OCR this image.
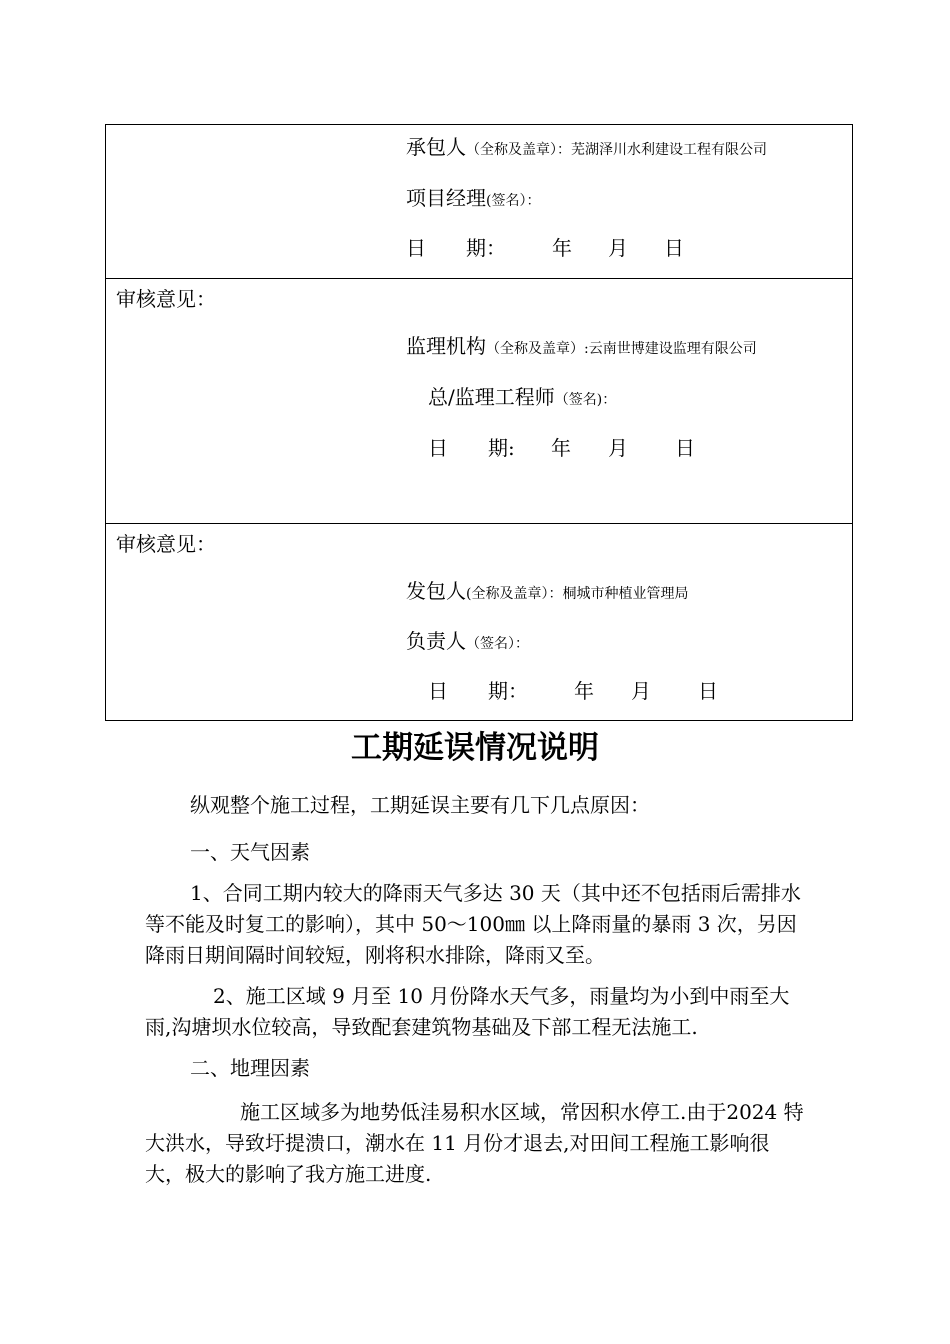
承包人（全称及盖章）：芜湖泽川水利建设工程有限公司
项目经理(签名）：
日　　期： 年 月 日
审核意见：
监理机构（全称及盖章）:云南世博建设监理有限公司
总/监理工程师（签名)：
日　　期: 年 月 日
审核意见：
发包人(全称及盖章）：桐城市种植业管理局
负责人（签名）：
日　　期： 年 月 日
工期延误情况说明

纵观整个施工过程，工期延误主要有几下几点原因：

一、天气因素

1、合同工期内较大的降雨天气多达 30 天（其中还不包括雨后需排水等不能及时复工的影响），其中 50～100㎜ 以上降雨量的暴雨 3 次，另因降雨日期间隔时间较短，刚将积水排除，降雨又至。

2、施工区域 9 月至 10 月份降水天气多，雨量均为小到中雨至大雨,沟塘坝水位较高，导致配套建筑物基础及下部工程无法施工.

二、地理因素

施工区域多为地势低洼易积水区域，常因积水停工.由于2024 特大洪水，导致圩提溃口，潮水在 11 月份才退去,对田间工程施工影响很大，极大的影响了我方施工进度.
